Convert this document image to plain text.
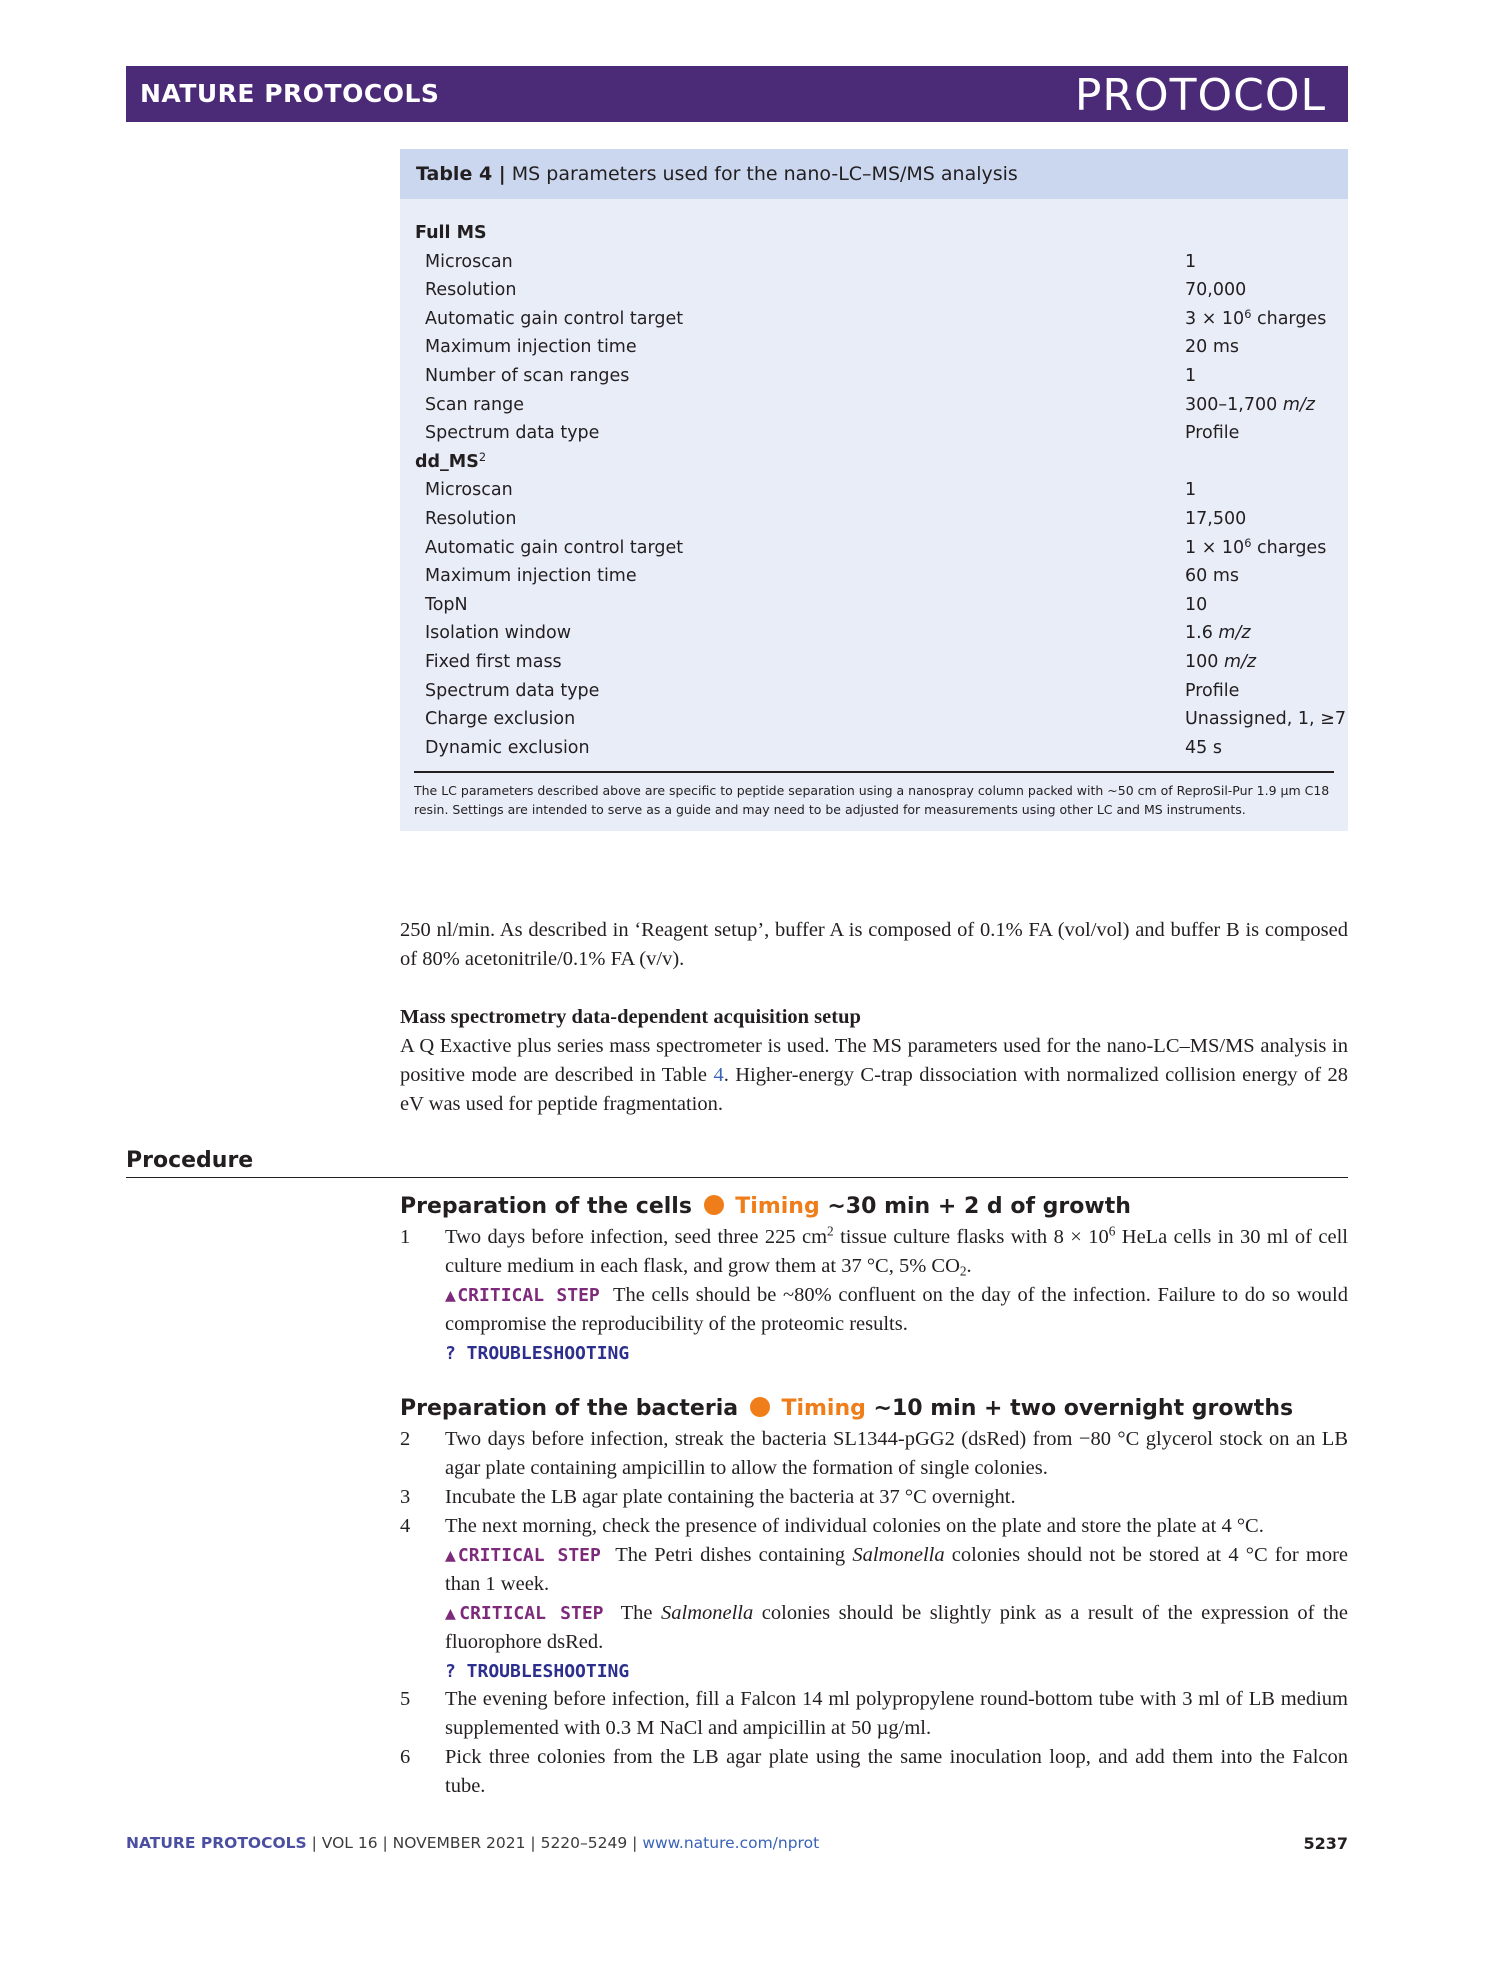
NATURE PROTOCOLS	PROTOCOL
Table 4 | MS parameters used for the nano-LC–MS/MS analysis
Full MS
Microscan	1
Resolution	70,000
Automatic gain control target	$3 \times 10^6$ charges
Maximum injection time	20 ms
Number of scan ranges	1
Scan range	300–1,700 m/z
Spectrum data type	Profile
$dd\_MS^2$
Microscan	1
Resolution	17,500
Automatic gain control target	$1 \times 10^6$ charges
Maximum injection time	60 ms
TopN	10
Isolation window	1.6 m/z
Fixed first mass	100 m/z
Spectrum data type	Profile
Charge exclusion	Unassigned, 1, ≥7
Dynamic exclusion	45 s
The LC parameters described above are specific to peptide separation using a nanospray column packed with ~50 cm of ReproSil-Pur 1.9 µm C18 resin. Settings are intended to serve as a guide and may need to be adjusted for measurements using other LC and MS instruments.
250 nl/min. As described in ‘Reagent setup’, buffer A is composed of 0.1% FA (vol/vol) and buffer B is composed of 80% acetonitrile/0.1% FA (v/v).
Mass spectrometry data-dependent acquisition setup
A Q Exactive plus series mass spectrometer is used. The MS parameters used for the nano-LC–MS/MS analysis in positive mode are described in Table 4. Higher-energy C-trap dissociation with normalized collision energy of 28 eV was used for peptide fragmentation.
Procedure
Preparation of the cells Timing ~30 min + 2 d of growth
1 Two days before infection, seed three 225 $cm^2$ tissue culture flasks with $8 \times 10^6$ HeLa cells in 30 ml of cell culture medium in each flask, and grow them at 37 °C, 5% $CO_2$.
▲CRITICAL STEP The cells should be ~80% confluent on the day of the infection. Failure to do so would compromise the reproducibility of the proteomic results.
? TROUBLESHOOTING
Preparation of the bacteria Timing ~10 min + two overnight growths
2 Two days before infection, streak the bacteria SL1344-pGG2 (dsRed) from −80 °C glycerol stock on an LB agar plate containing ampicillin to allow the formation of single colonies.
3 Incubate the LB agar plate containing the bacteria at 37 °C overnight.
4 The next morning, check the presence of individual colonies on the plate and store the plate at 4 °C.
▲CRITICAL STEP The Petri dishes containing Salmonella colonies should not be stored at 4 °C for more than 1 week.
▲CRITICAL STEP The Salmonella colonies should be slightly pink as a result of the expression of the fluorophore dsRed.
? TROUBLESHOOTING
5 The evening before infection, fill a Falcon 14 ml polypropylene round-bottom tube with 3 ml of LB medium supplemented with 0.3 M NaCl and ampicillin at 50 µg/ml.
6 Pick three colonies from the LB agar plate using the same inoculation loop, and add them into the Falcon tube.
NATURE PROTOCOLS | VOL 16 | NOVEMBER 2021 | 5220–5249 | www.nature.com/nprot	5237
